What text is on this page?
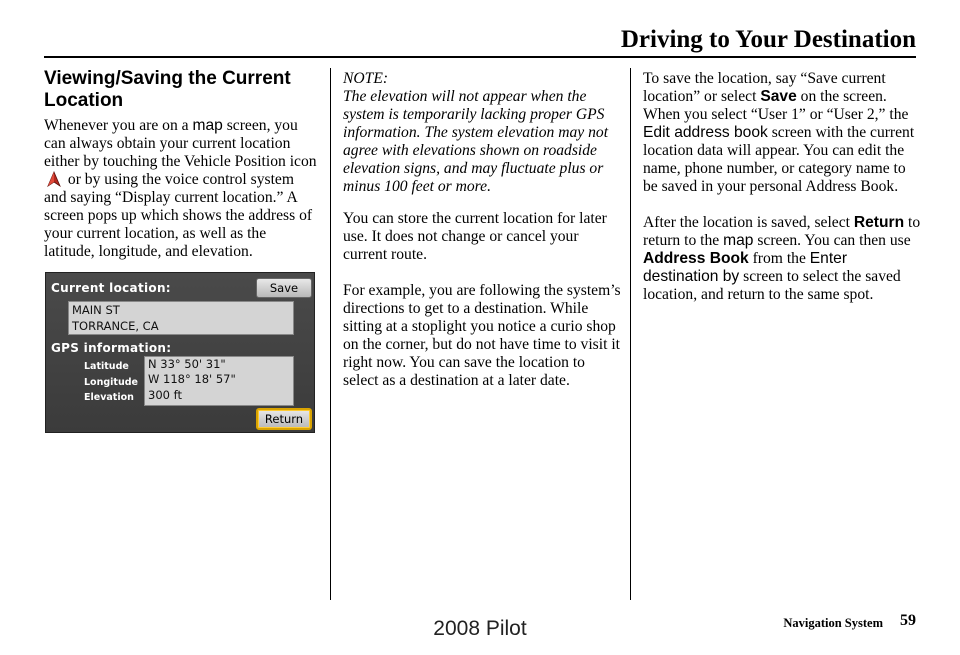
Driving to Your Destination
Viewing/Saving the Current Location

Whenever you are on a map screen, you can always obtain your current location either by touching the Vehicle Position icon  or by using the voice control system and saying “Display current location.” A screen pops up which shows the address of your current location, as well as the latitude, longitude, and elevation.

Current location:	Save
MAIN ST
TORRANCE, CA
GPS information:
Latitude
Longitude
Elevation
N 33° 50' 31"
W 118° 18' 57"
300 ft
Return
NOTE:
The elevation will not appear when the system is temporarily lacking proper GPS information. The system elevation may not agree with elevations shown on roadside elevation signs, and may fluctuate plus or minus 100 feet or more.

You can store the current location for later use. It does not change or cancel your current route.

For example, you are following the system’s directions to get to a destination. While sitting at a stoplight you notice a curio shop on the corner, but do not have time to visit it right now. You can save the location to select as a destination at a later date.

To save the location, say “Save current location” or select Save on the screen. When you select “User 1” or “User 2,” the Edit address book screen with the current location data will appear. You can edit the name, phone number, or category name to be saved in your personal Address Book.

After the location is saved, select Return to return to the map screen. You can then use Address Book from the Enter destination by screen to select the saved location, and return to the same spot.

Navigation System 59
2008 Pilot
